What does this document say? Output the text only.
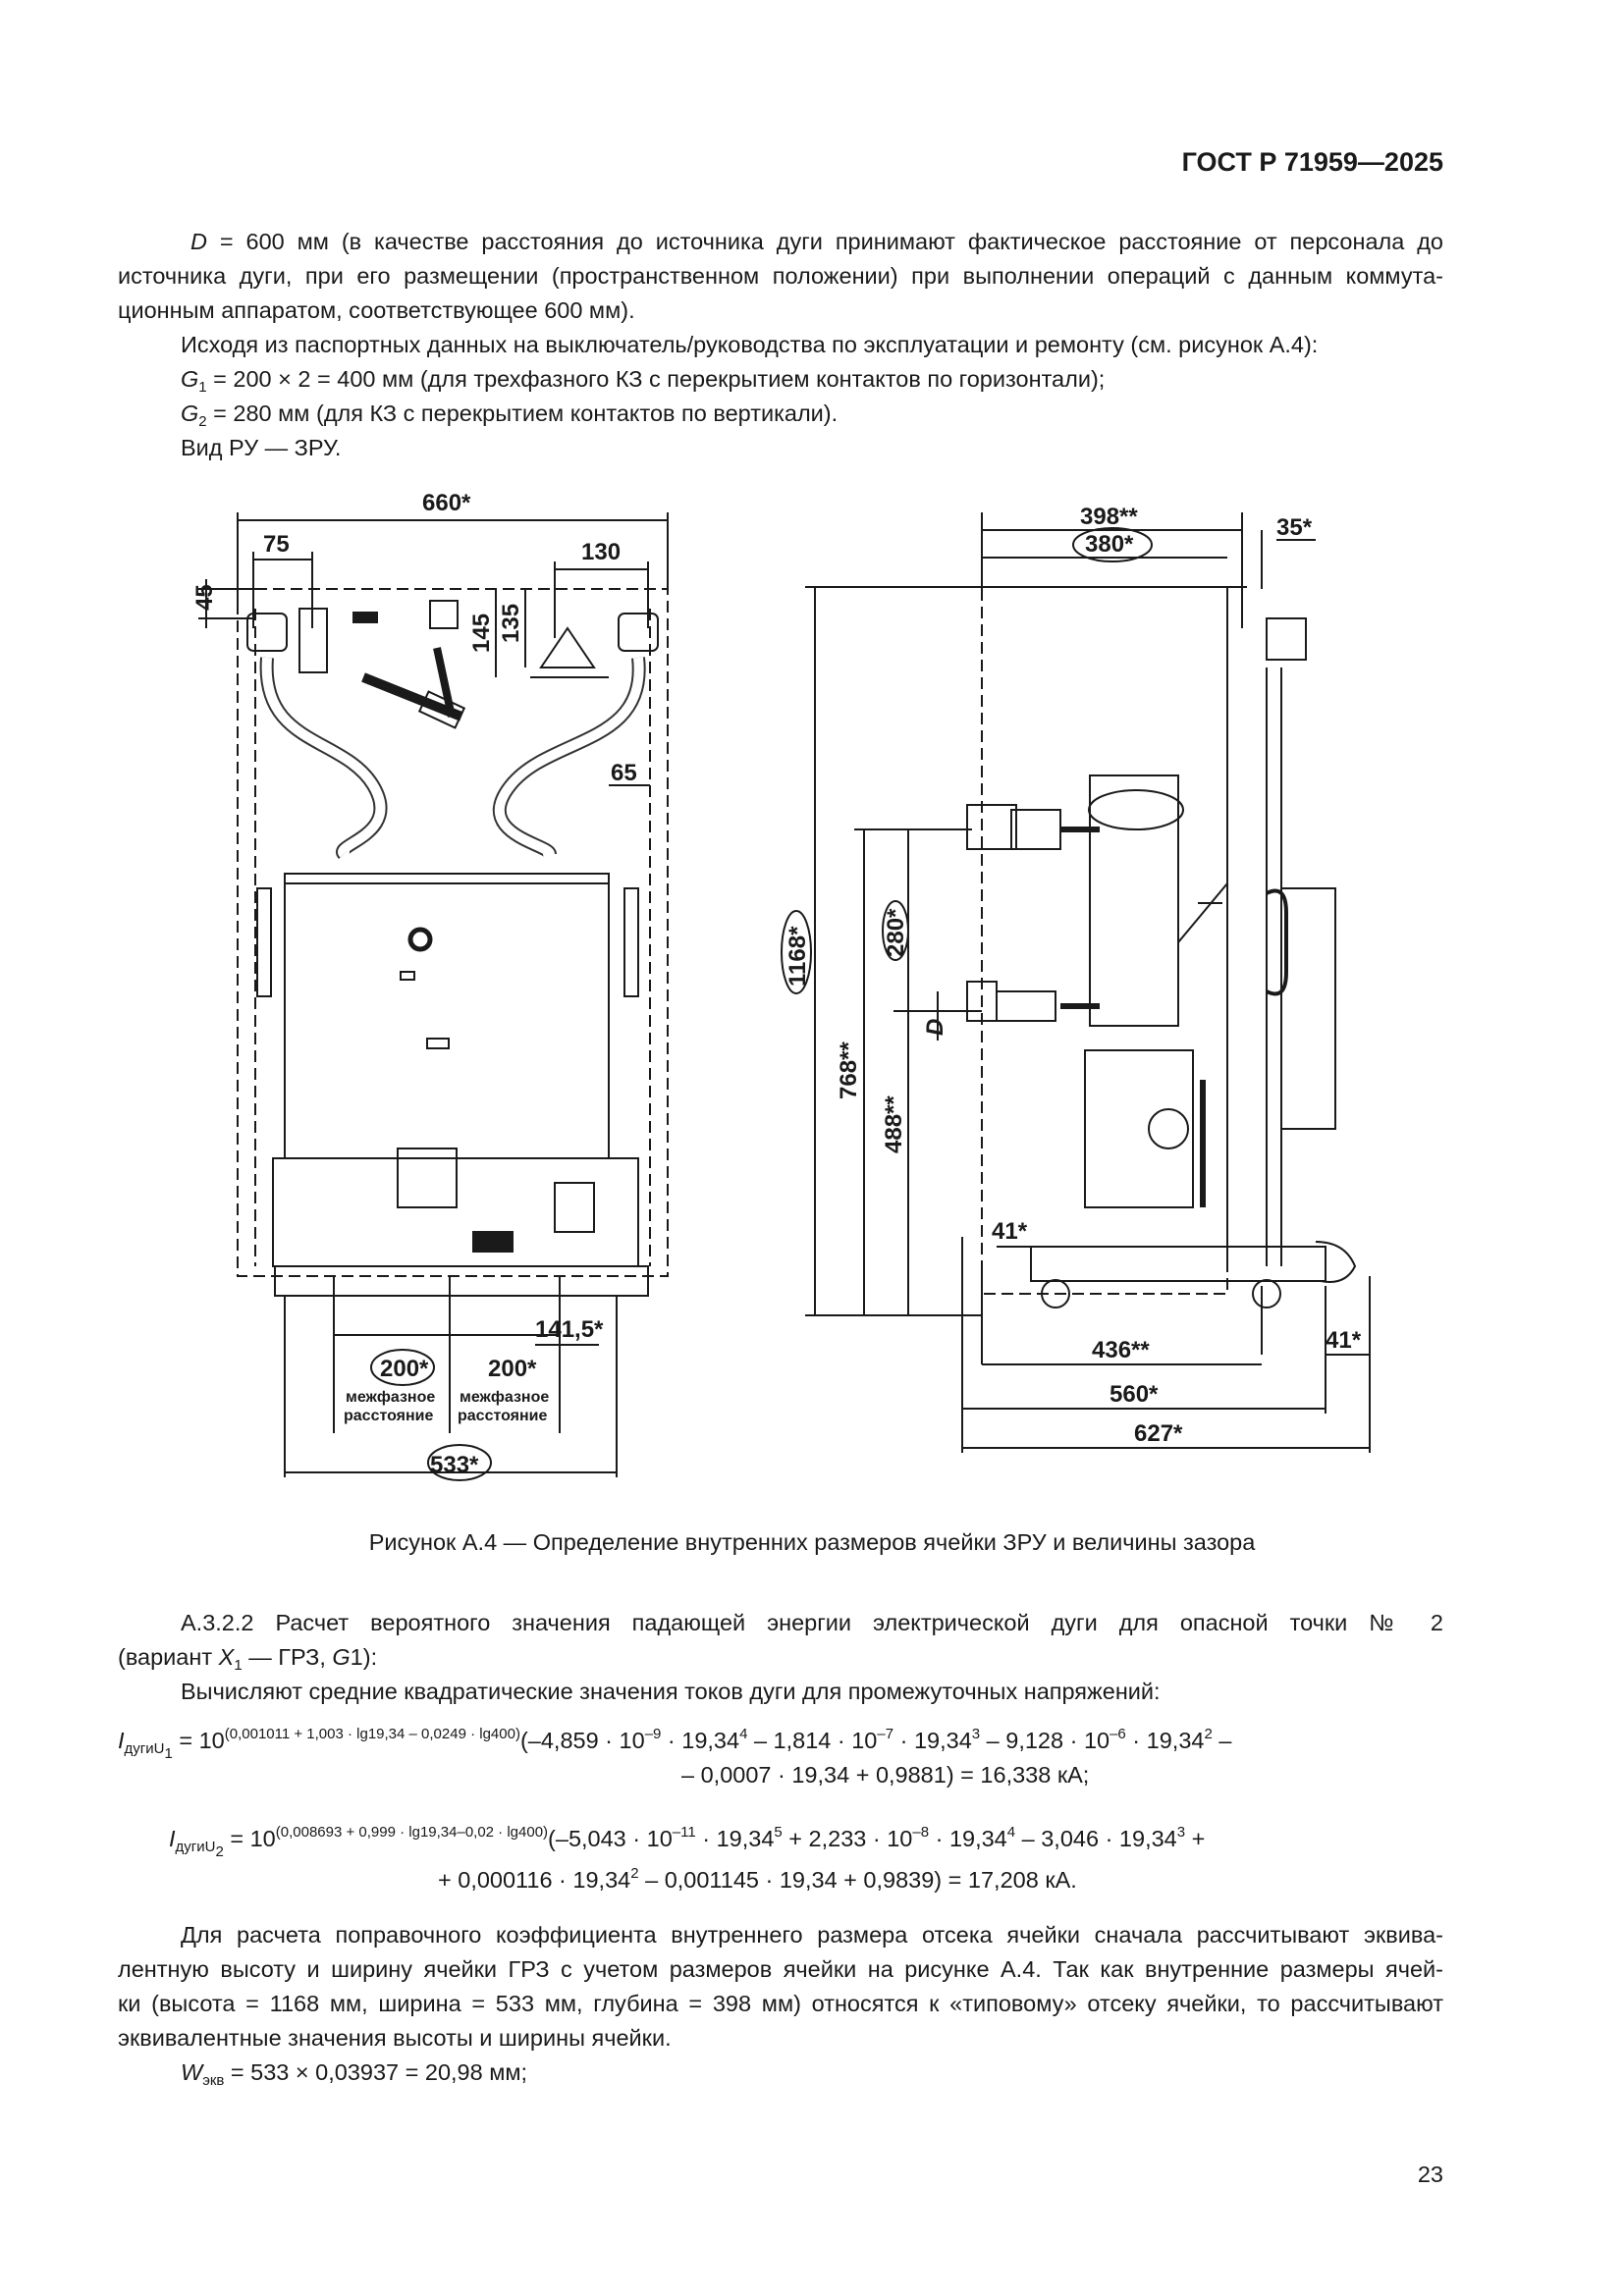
ГОСТ Р 71959—2025
D = 600 мм (в качестве расстояния до источника дуги принимают фактическое расстояние от персонала до
источника дуги, при его размещении (пространственном положении) при выполнении операций с данным коммута-
ционным аппаратом, соответствующее 600 мм).
Исходя из паспортных данных на выключатель/руководства по эксплуатации и ремонту (см. рисунок А.4):
$G_1 = 200 \times 2 = 400$ мм (для трехфазного КЗ с перекрытием контактов по горизонтали);
$G_2 = 280$ мм (для КЗ с перекрытием контактов по вертикали).
Вид РУ — ЗРУ.
660*
75	130
45
145 135
65
141,5*
200*	200*
533*
398**
380*
35*
1168*	280*
768**
488**
D
41*
436**	41*
560*
627*
межфазное
расстояние
межфазное
расстояние
Рисунок А.4 — Определение внутренних размеров ячейки ЗРУ и величины зазора
А.3.2.2 Расчет вероятного значения падающей энергии электрической дуги для опасной точки № 2
(вариант $X_1$ — ГРЗ, G1):
Вычисляют средние квадратические значения токов дуги для промежуточных напряжений:
$I_{дугиU_1} = 10^{(0,001011 + 1,003 \cdot lg19,34 - 0,0249 \cdot lg400)}(-4,859 \cdot 10^{-9} \cdot 19,34^4 - 1,814 \cdot 10^{-7} \cdot 19,34^3 - 9,128 \cdot 10^{-6} \cdot 19,34^2$ –
– 0,0007 · 19,34 + 0,9881) = 16,338 кА;
$I_{дугиU_2} = 10^{(0,008693 + 0,999 \cdot lg19,34-0,02 \cdot lg400)}(-5,043 \cdot 10^{-11} \cdot 19,34^5 + 2,233 \cdot 10^{-8} \cdot 19,34^4 - 3,046 \cdot 19,34^3$ +
+ $0,000116 \cdot 19,34^2 - 0,001145 \cdot 19,34 + 0,9839) = 17,208$ кА.
Для расчета поправочного коэффициента внутреннего размера отсека ячейки сначала рассчитывают эквива-
лентную высоту и ширину ячейки ГРЗ с учетом размеров ячейки на рисунке А.4. Так как внутренние размеры ячей-
ки (высота = 1168 мм, ширина = 533 мм, глубина = 398 мм) относятся к «типовому» отсеку ячейки, то рассчитывают
эквивалентные значения высоты и ширины ячейки.
$W_{экв} = 533 \times 0,03937 = 20,98$ мм;
23
